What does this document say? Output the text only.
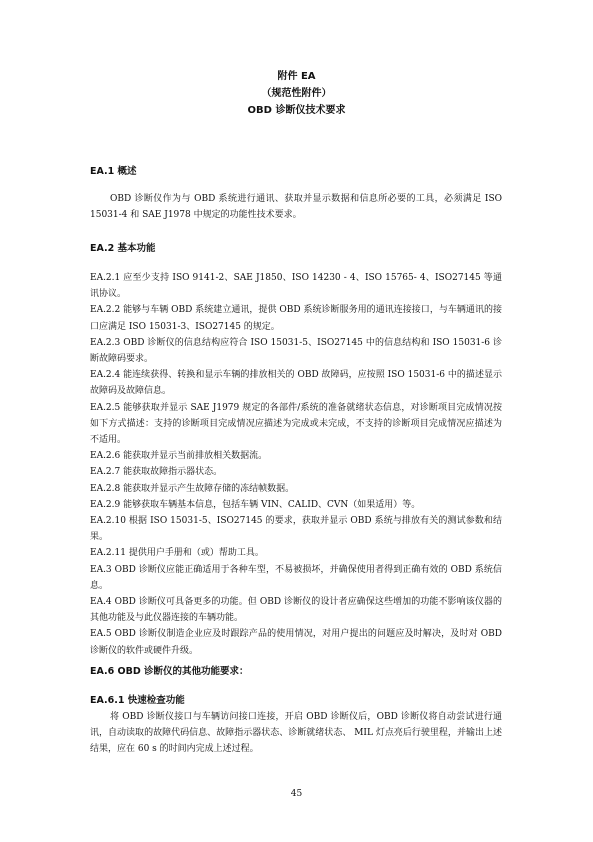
附件 EA
（规范性附件）
OBD 诊断仪技术要求
EA.1 概述

OBD 诊断仪作为与 OBD 系统进行通讯、获取并显示数据和信息所必要的工具，必须满足 ISO 15031-4 和 SAE J1978 中规定的功能性技术要求。

EA.2 基本功能

EA.2.1 应至少支持 ISO 9141-2、SAE J1850、ISO 14230 - 4、ISO 15765- 4、ISO27145 等通讯协议。

EA.2.2 能够与车辆 OBD 系统建立通讯，提供 OBD 系统诊断服务用的通讯连接接口，与车辆通讯的接口应满足 ISO 15031-3、ISO27145 的规定。

EA.2.3 OBD 诊断仪的信息结构应符合 ISO 15031-5、ISO27145 中的信息结构和 ISO 15031-6 诊断故障码要求。

EA.2.4 能连续获得、转换和显示车辆的排放相关的 OBD 故障码，应按照 ISO 15031-6 中的描述显示故障码及故障信息。

EA.2.5 能够获取并显示 SAE J1979 规定的各部件/系统的准备就绪状态信息，对诊断项目完成情况按如下方式描述：支持的诊断项目完成情况应描述为完成或未完成，不支持的诊断项目完成情况应描述为不适用。

EA.2.6 能获取并显示当前排放相关数据流。

EA.2.7 能获取故障指示器状态。

EA.2.8 能获取并显示产生故障存储的冻结帧数据。

EA.2.9 能够获取车辆基本信息，包括车辆 VIN、CALID、CVN（如果适用）等。

EA.2.10 根据 ISO 15031-5、ISO27145 的要求，获取并显示 OBD 系统与排放有关的测试参数和结果。

EA.2.11 提供用户手册和（或）帮助工具。

EA.3 OBD 诊断仪应能正确适用于各种车型，不易被损坏，并确保使用者得到正确有效的 OBD 系统信息。

EA.4 OBD 诊断仪可具备更多的功能。但 OBD 诊断仪的设计者应确保这些增加的功能不影响该仪器的其他功能及与此仪器连接的车辆功能。

EA.5 OBD 诊断仪制造企业应及时跟踪产品的使用情况，对用户提出的问题应及时解决，及时对 OBD 诊断仪的软件或硬件升级。

EA.6 OBD 诊断仪的其他功能要求：
EA.6.1 快速检查功能

将 OBD 诊断仪接口与车辆访问接口连接，开启 OBD 诊断仪后，OBD 诊断仪将自动尝试进行通讯，自动读取的故障代码信息、故障指示器状态、诊断就绪状态、 MIL 灯点亮后行驶里程，并输出上述结果，应在 60 s 的时间内完成上述过程。

45
